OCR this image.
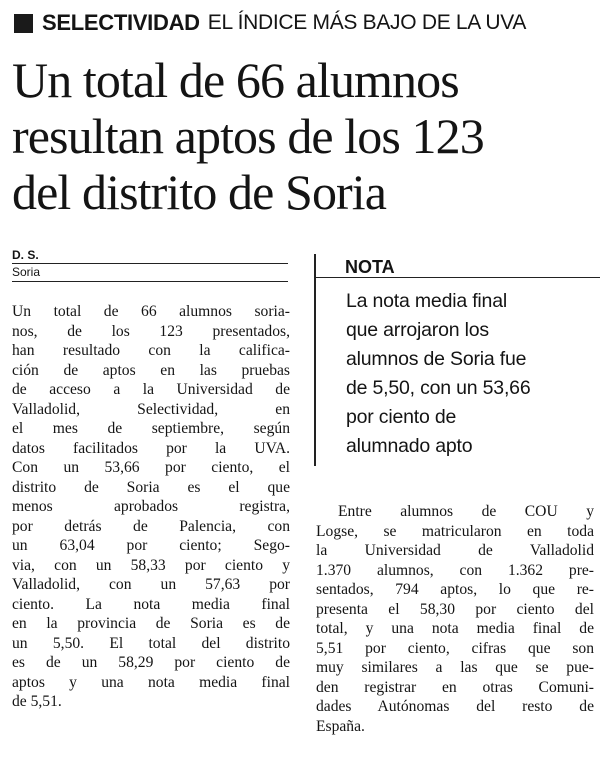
SELECTIVIDAD EL ÍNDICE MÁS BAJO DE LA UVA
Un total de 66 alumnos
resultan aptos de los 123
del distrito de Soria
D. S.
Soria
Un total de 66 alumnos soria-
nos, de los 123 presentados,
han resultado con la califica-
ción de aptos en las pruebas
de acceso a la Universidad de
Valladolid, Selectividad, en
el mes de septiembre, según
datos facilitados por la UVA.
Con un 53,66 por ciento, el
distrito de Soria es el que
menos aprobados registra,
por detrás de Palencia, con
un 63,04 por ciento; Sego-
via, con un 58,33 por ciento y
Valladolid, con un 57,63 por
ciento. La nota media final
en la provincia de Soria es de
un 5,50. El total del distrito
es de un 58,29 por ciento de
aptos y una nota media final
de 5,51.
NOTA
La nota media final
que arrojaron los
alumnos de Soria fue
de 5,50, con un 53,66
por ciento de
alumnado apto
Entre alumnos de COU y
Logse, se matricularon en toda
la Universidad de Valladolid
1.370 alumnos, con 1.362 pre-
sentados, 794 aptos, lo que re-
presenta el 58,30 por ciento del
total, y una nota media final de
5,51 por ciento, cifras que son
muy similares a las que se pue-
den registrar en otras Comuni-
dades Autónomas del resto de
España.
